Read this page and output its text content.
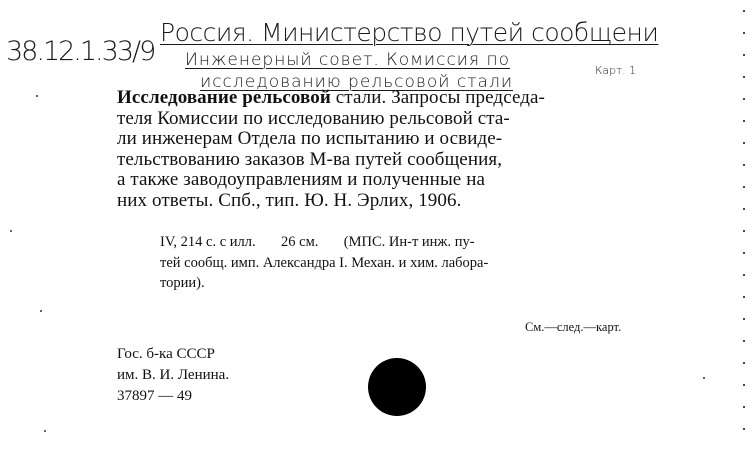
38.12.1.33/9
Россия. Министерство путей сообщени
Инженерный совет. Комиссия по
Карт. 1
исследованию рельсовой стали
Исследование рельсовой стали. Запросы председа-
теля Комиссии по исследованию рельсовой ста-
ли инженерам Отдела по испытанию и освиде-
тельствованию заказов М-ва путей сообщения,
а также заводоуправлениям и полученные на
них ответы. Спб., тип. Ю. Н. Эрлих, 1906.
IV, 214 с. с илл.       26 см.       (МПС. Ин-т инж. пу-
тей сообщ. имп. Александра I. Механ. и хим. лабора-
тории).
См.—след.—карт.
Гос. б-ка СССР
им. В. И. Ленина.
37897 — 49
